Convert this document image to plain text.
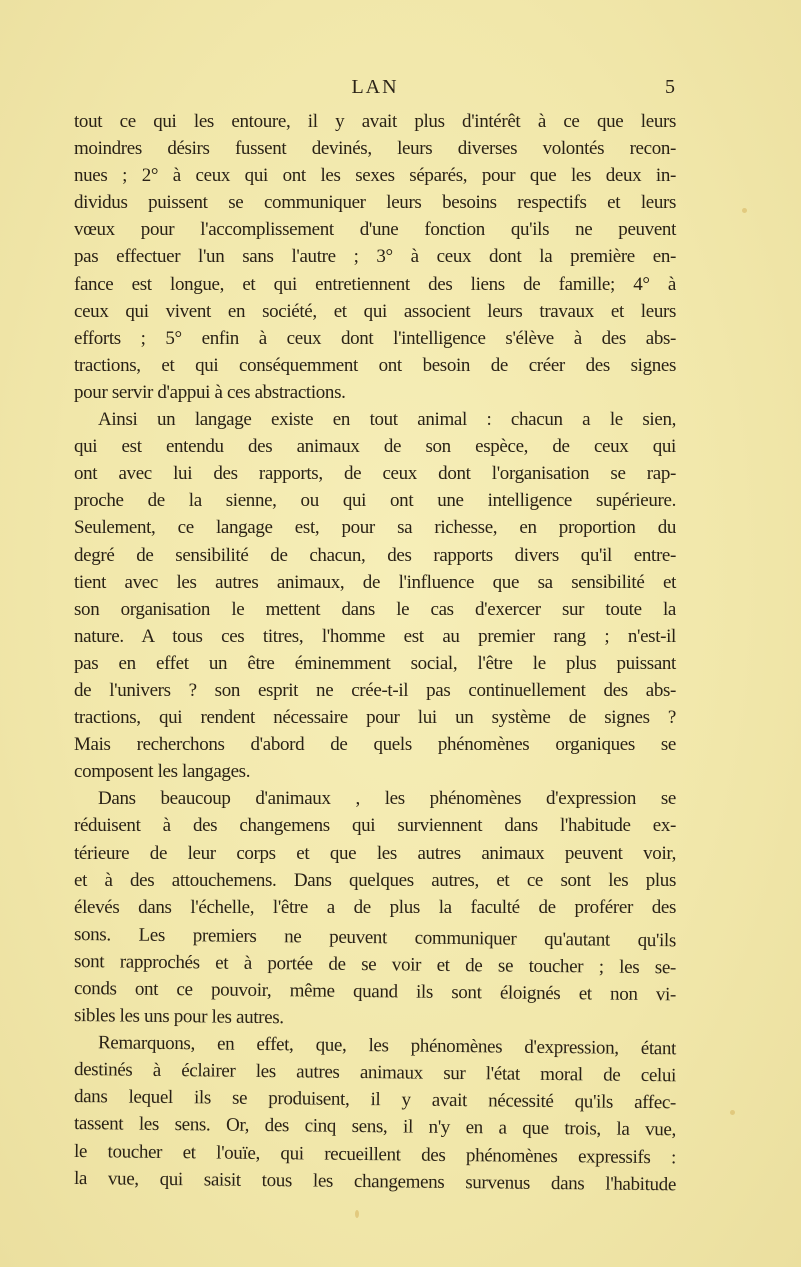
LAN	5
tout ce qui les entoure, il y avait plus d'intérêt à ce que leurs
moindres désirs fussent devinés, leurs diverses volontés recon-
nues ; 2° à ceux qui ont les sexes séparés, pour que les deux in-
dividus puissent se communiquer leurs besoins respectifs et leurs
vœux pour l'accomplissement d'une fonction qu'ils ne peuvent
pas effectuer l'un sans l'autre ; 3° à ceux dont la première en-
fance est longue, et qui entretiennent des liens de famille; 4° à
ceux qui vivent en société, et qui associent leurs travaux et leurs
efforts ; 5° enfin à ceux dont l'intelligence s'élève à des abs-
tractions, et qui conséquemment ont besoin de créer des signes
pour servir d'appui à ces abstractions.
Ainsi un langage existe en tout animal : chacun a le sien,
qui est entendu des animaux de son espèce, de ceux qui
ont avec lui des rapports, de ceux dont l'organisation se rap-
proche de la sienne, ou qui ont une intelligence supérieure.
Seulement, ce langage est, pour sa richesse, en proportion du
degré de sensibilité de chacun, des rapports divers qu'il entre-
tient avec les autres animaux, de l'influence que sa sensibilité et
son organisation le mettent dans le cas d'exercer sur toute la
nature. A tous ces titres, l'homme est au premier rang ; n'est-il
pas en effet un être éminemment social, l'être le plus puissant
de l'univers ? son esprit ne crée-t-il pas continuellement des abs-
tractions, qui rendent nécessaire pour lui un système de signes ?
Mais recherchons d'abord de quels phénomènes organiques se
composent les langages.
Dans beaucoup d'animaux , les phénomènes d'expression se
réduisent à des changemens qui surviennent dans l'habitude ex-
térieure de leur corps et que les autres animaux peuvent voir,
et à des attouchemens. Dans quelques autres, et ce sont les plus
élevés dans l'échelle, l'être a de plus la faculté de proférer des
sons. Les premiers ne peuvent communiquer qu'autant qu'ils
sont rapprochés et à portée de se voir et de se toucher ; les se-
conds ont ce pouvoir, même quand ils sont éloignés et non vi-
sibles les uns pour les autres.
Remarquons, en effet, que, les phénomènes d'expression, étant
destinés à éclairer les autres animaux sur l'état moral de celui
dans lequel ils se produisent, il y avait nécessité qu'ils affec-
tassent les sens. Or, des cinq sens, il n'y en a que trois, la vue,
le toucher et l'ouïe, qui recueillent des phénomènes expressifs :
la vue, qui saisit tous les changemens survenus dans l'habitude
